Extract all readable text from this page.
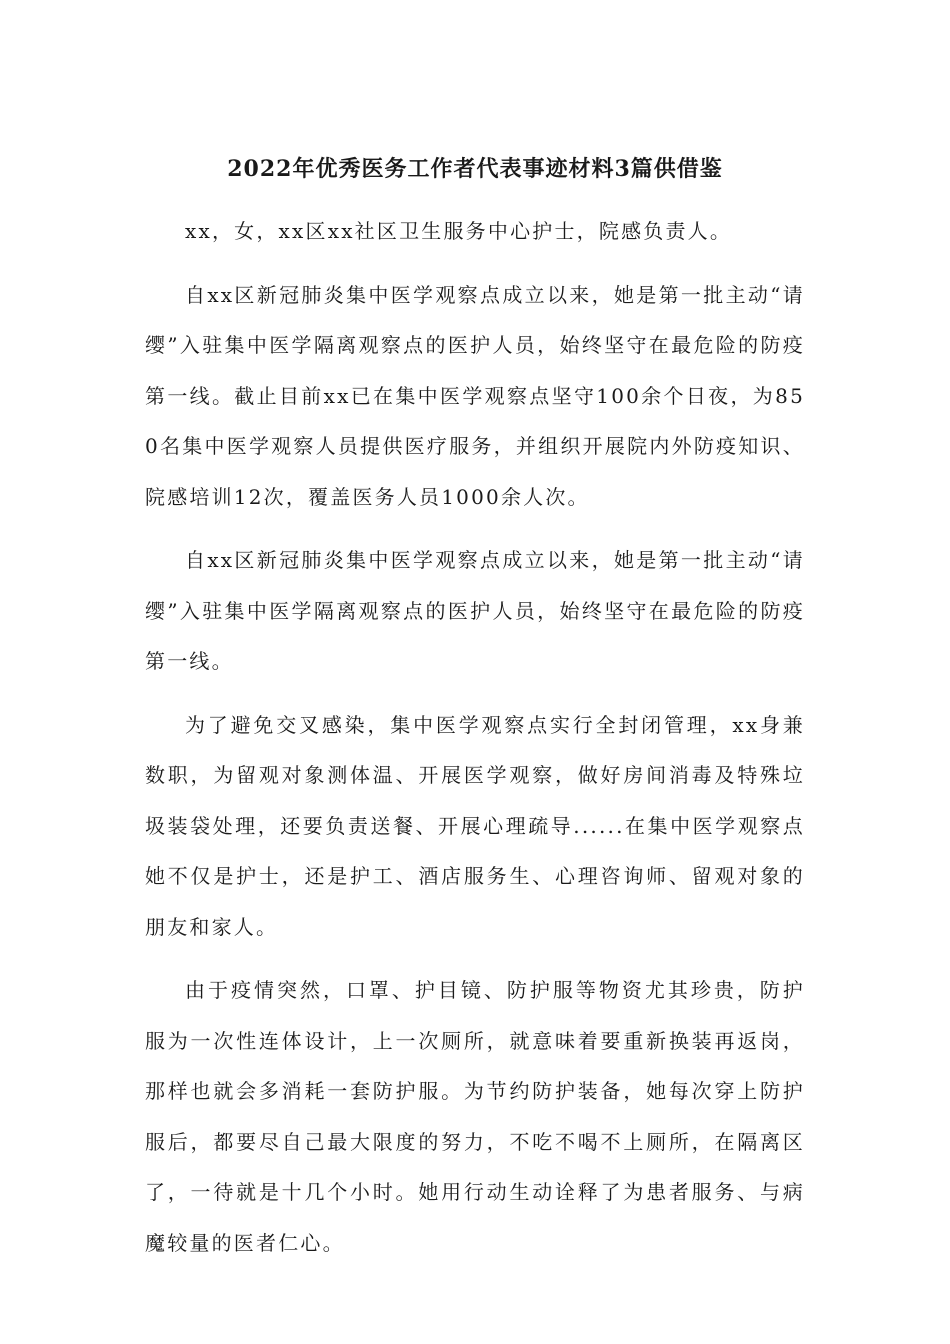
2022年优秀医务工作者代表事迹材料3篇供借鉴

xx，女，xx区xx社区卫生服务中心护士，院感负责人。

自xx区新冠肺炎集中医学观察点成立以来，她是第一批主动“请缨”入驻集中医学隔离观察点的医护人员，始终坚守在最危险的防疫第一线。截止目前xx已在集中医学观察点坚守100余个日夜，为850名集中医学观察人员提供医疗服务，并组织开展院内外防疫知识、院感培训12次，覆盖医务人员1000余人次。

自xx区新冠肺炎集中医学观察点成立以来，她是第一批主动“请缨”入驻集中医学隔离观察点的医护人员，始终坚守在最危险的防疫第一线。

为了避免交叉感染，集中医学观察点实行全封闭管理，xx身兼数职，为留观对象测体温、开展医学观察，做好房间消毒及特殊垃圾装袋处理，还要负责送餐、开展心理疏导......在集中医学观察点她不仅是护士，还是护工、酒店服务生、心理咨询师、留观对象的朋友和家人。

由于疫情突然，口罩、护目镜、防护服等物资尤其珍贵，防护服为一次性连体设计，上一次厕所，就意味着要重新换装再返岗，那样也就会多消耗一套防护服。为节约防护装备，她每次穿上防护服后，都要尽自己最大限度的努力，不吃不喝不上厕所，在隔离区了，一待就是十几个小时。她用行动生动诠释了为患者服务、与病魔较量的医者仁心。
